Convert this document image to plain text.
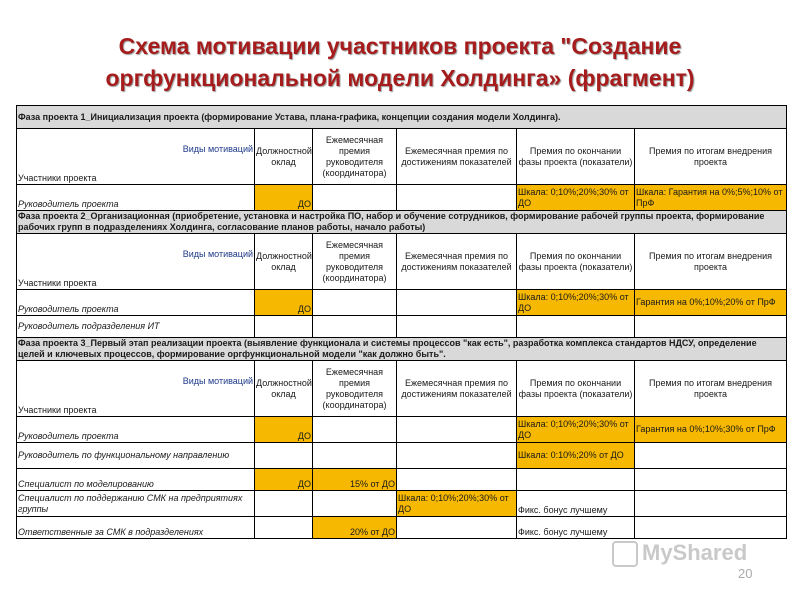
Схема мотивации участников проекта "Создание оргфункциональной модели Холдинга» (фрагмент)
Фаза проекта 1_Инициализация проекта (формирование Устава, плана-графика, концепции создания модели Холдинга).					

Виды мотиваций
Участники проекта	Должностной оклад	Ежемесячная премия руководителя (координатора)	Ежемесячная премия по достижениям показателей	Премия по окончании фазы проекта (показатели)	Премия по итогам внедрения проекта
Руководитель проекта	ДО			Шкала: 0;10%;20%;30% от ДО	Шкала: Гарантия на 0%;5%;10% от ПрФ
Фаза проекта 2_Организационная (приобретение, установка и настройка ПО, набор и обучение сотрудников, формирование рабочей группы проекта, формирование рабочих групп в подразделениях Холдинга, согласование планов работы, начало работы)					

Виды мотиваций
Участники проекта	Должностной оклад	Ежемесячная премия руководителя (координатора)	Ежемесячная премия по достижениям показателей	Премия по окончании фазы проекта (показатели)	Премия по итогам внедрения проекта
Руководитель проекта	ДО			Шкала: 0;10%;20%;30% от ДО	Гарантия на 0%;10%;20% от ПрФ
Руководитель подразделения ИТ					
Фаза проекта 3_Первый этап реализации проекта (выявление функционала и системы процессов "как есть", разработка комплекса стандартов НДСУ, определение целей и ключевых процессов, формирование оргфункциональной модели "как должно быть".					

Виды мотиваций
Участники проекта	Должностной оклад	Ежемесячная премия руководителя (координатора)	Ежемесячная премия по достижениям показателей	Премия по окончании фазы проекта (показатели)	Премия по итогам внедрения проекта
Руководитель проекта	ДО			Шкала: 0;10%;20%;30% от ДО	Гарантия на 0%;10%;30% от ПрФ
Руководитель по функциональному направлению				Шкала: 0:10%;20% от ДО	
Специалист по моделированию	ДО	15% от ДО			
Специалист по поддержанию СМК на предприятиях группы			Шкала: 0;10%;20%;30% от ДО	Фикс. бонус лучшему	
Ответственные за СМК в подразделениях		20% от ДО		Фикс. бонус лучшему	
MyShared
20
